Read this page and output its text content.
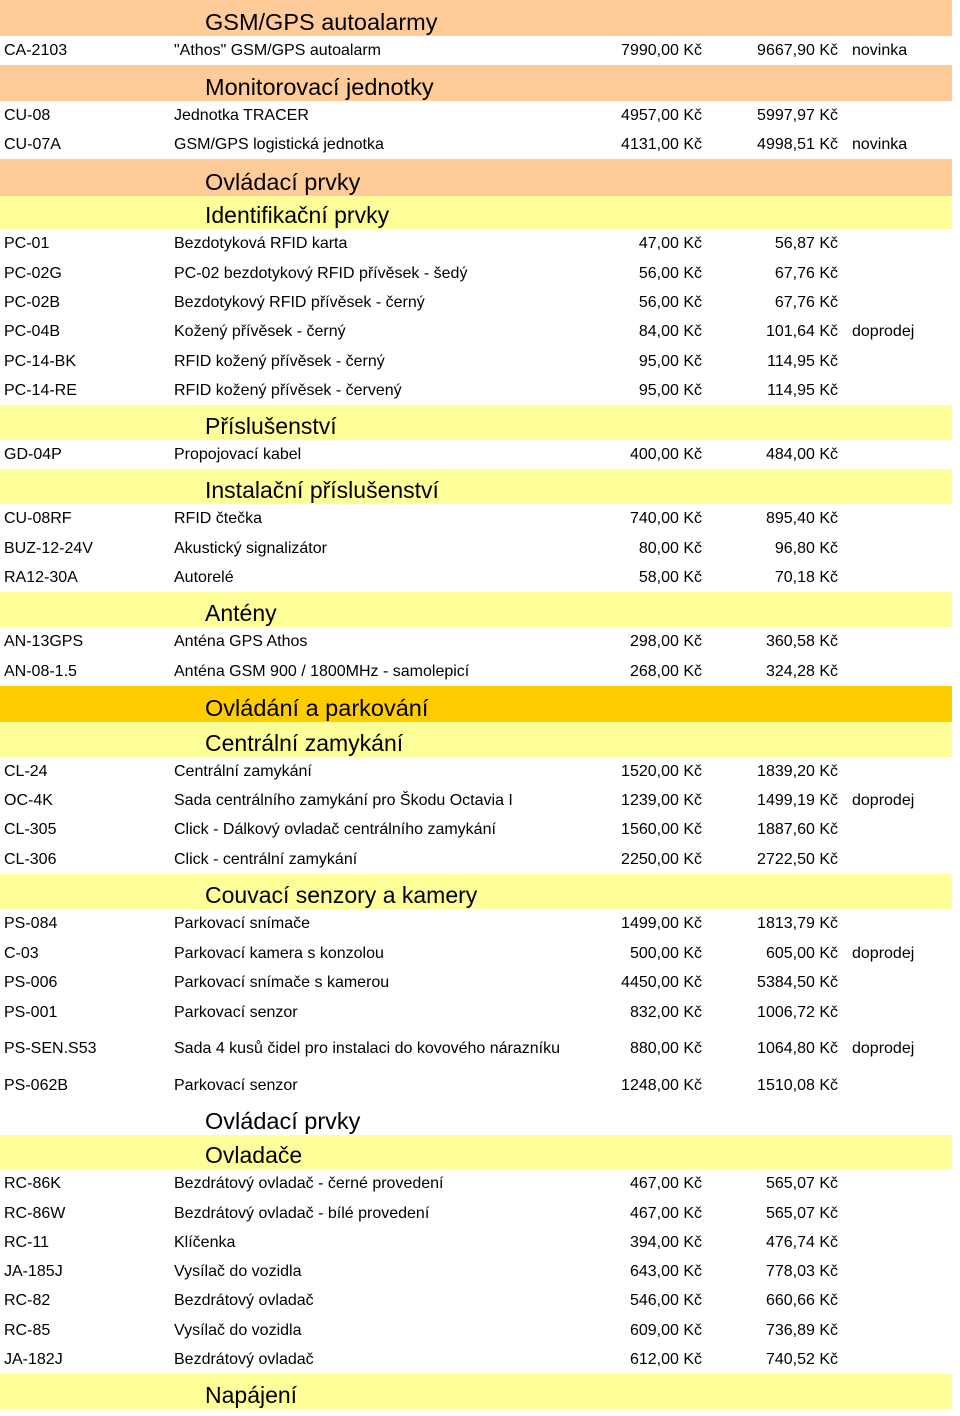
GSM/GPS autoalarmy
CA-2103	"Athos" GSM/GPS autoalarm	7990,00 Kč	9667,90 Kč novinka
Monitorovací jednotky
CU-08	Jednotka TRACER	4957,00 Kč	5997,97 Kč
CU-07A	GSM/GPS logistická jednotka	4131,00 Kč	4998,51 Kč novinka
Ovládací prvky
Identifikační prvky
PC-01	Bezdotyková RFID karta	47,00 Kč	56,87 Kč
PC-02G	PC-02 bezdotykový RFID přívěsek - šedý	56,00 Kč	67,76 Kč
PC-02B	Bezdotykový RFID přívěsek - černý	56,00 Kč	67,76 Kč
PC-04B	Kožený přívěsek - černý	84,00 Kč	101,64 Kč doprodej
PC-14-BK	RFID kožený přívěsek - černý	95,00 Kč	114,95 Kč
PC-14-RE	RFID kožený přívěsek - červený	95,00 Kč	114,95 Kč
Příslušenství
GD-04P	Propojovací kabel	400,00 Kč	484,00 Kč
Instalační příslušenství
CU-08RF	RFID čtečka	740,00 Kč	895,40 Kč
BUZ-12-24V	Akustický signalizátor	80,00 Kč	96,80 Kč
RA12-30A	Autorelé	58,00 Kč	70,18 Kč
Antény
AN-13GPS	Anténa GPS Athos	298,00 Kč	360,58 Kč
AN-08-1.5	Anténa GSM 900 / 1800MHz - samolepicí	268,00 Kč	324,28 Kč
Ovládání a parkování
Centrální zamykání
CL-24	Centrální zamykání	1520,00 Kč	1839,20 Kč
OC-4K	Sada centrálního zamykání pro Škodu Octavia I	1239,00 Kč	1499,19 Kč doprodej
CL-305	Click - Dálkový ovladač centrálního zamykání	1560,00 Kč	1887,60 Kč
CL-306	Click - centrální zamykání	2250,00 Kč	2722,50 Kč
Couvací senzory a kamery
PS-084	Parkovací snímače	1499,00 Kč	1813,79 Kč
C-03	Parkovací kamera s konzolou	500,00 Kč	605,00 Kč doprodej
PS-006	Parkovací snímače s kamerou	4450,00 Kč	5384,50 Kč
PS-001	Parkovací senzor	832,00 Kč	1006,72 Kč
PS-SEN.S53	Sada 4 kusů čidel pro instalaci do kovového nárazníku	880,00 Kč	1064,80 Kč doprodej
PS-062B	Parkovací senzor	1248,00 Kč	1510,08 Kč
Ovládací prvky
Ovladače
RC-86K	Bezdrátový ovladač - černé provedení	467,00 Kč	565,07 Kč
RC-86W	Bezdrátový ovladač - bílé provedení	467,00 Kč	565,07 Kč
RC-11	Klíčenka	394,00 Kč	476,74 Kč
JA-185J	Vysílač do vozidla	643,00 Kč	778,03 Kč
RC-82	Bezdrátový ovladač	546,00 Kč	660,66 Kč
RC-85	Vysílač do vozidla	609,00 Kč	736,89 Kč
JA-182J	Bezdrátový ovladač	612,00 Kč	740,52 Kč
Napájení
